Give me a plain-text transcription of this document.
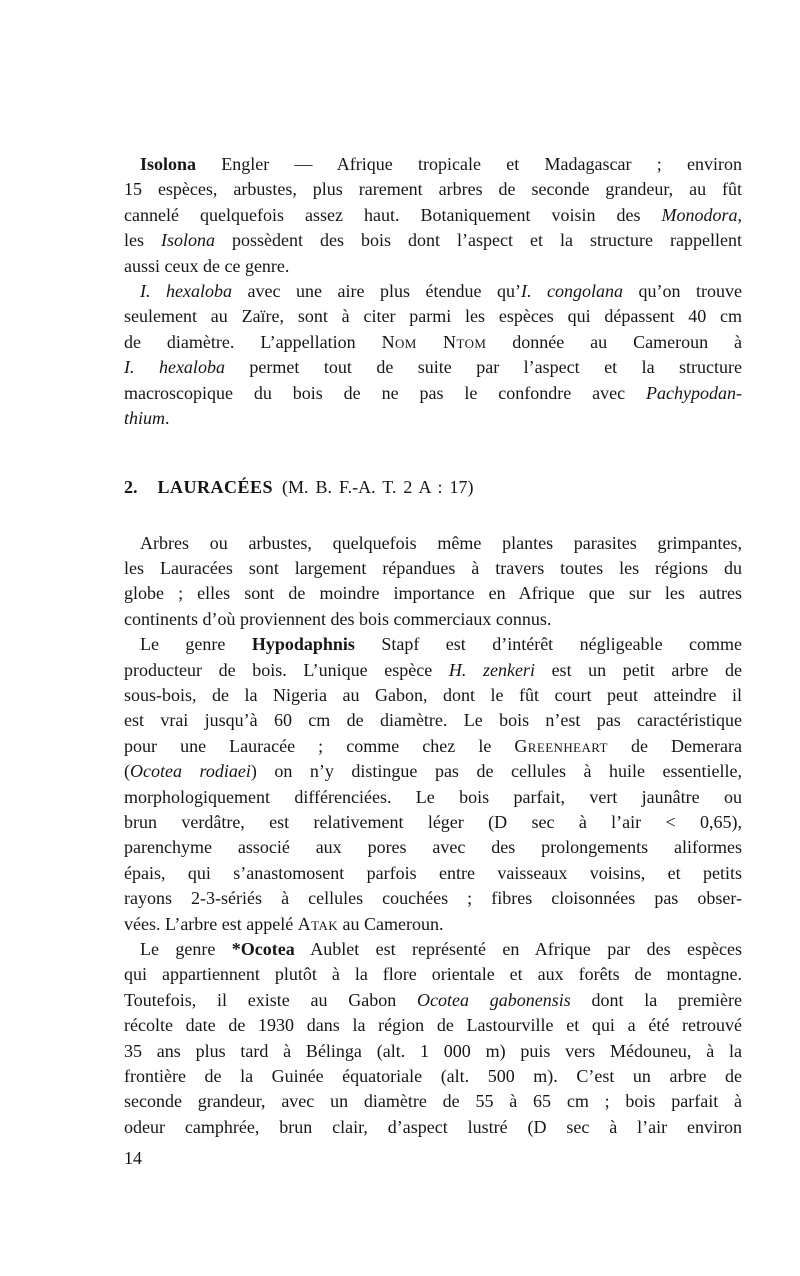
Isolona Engler — Afrique tropicale et Madagascar ; environ
15 espèces, arbustes, plus rarement arbres de seconde grandeur, au fût
cannelé quelquefois assez haut. Botaniquement voisin des Monodora,
les Isolona possèdent des bois dont l’aspect et la structure rappellent
aussi ceux de ce genre.
I. hexaloba avec une aire plus étendue qu’I. congolana qu’on trouve
seulement au Zaïre, sont à citer parmi les espèces qui dépassent 40 cm
de diamètre. L’appellation Nom Ntom donnée au Cameroun à
I. hexaloba permet tout de suite par l’aspect et la structure
macroscopique du bois de ne pas le confondre avec Pachypodan-
thium.
2. LAURACÉES (M. B. F.-A. T. 2 A : 17)
Arbres ou arbustes, quelquefois même plantes parasites grimpantes,
les Lauracées sont largement répandues à travers toutes les régions du
globe ; elles sont de moindre importance en Afrique que sur les autres
continents d’où proviennent des bois commerciaux connus.
Le genre Hypodaphnis Stapf est d’intérêt négligeable comme
producteur de bois. L’unique espèce H. zenkeri est un petit arbre de
sous-bois, de la Nigeria au Gabon, dont le fût court peut atteindre il
est vrai jusqu’à 60 cm de diamètre. Le bois n’est pas caractéristique
pour une Lauracée ; comme chez le Greenheart de Demerara
(Ocotea rodiaei) on n’y distingue pas de cellules à huile essentielle,
morphologiquement différenciées. Le bois parfait, vert jaunâtre ou
brun verdâtre, est relativement léger (D sec à l’air < 0,65),
parenchyme associé aux pores avec des prolongements aliformes
épais, qui s’anastomosent parfois entre vaisseaux voisins, et petits
rayons 2-3-sériés à cellules couchées ; fibres cloisonnées pas obser-
vées. L’arbre est appelé Atak au Cameroun.
Le genre *Ocotea Aublet est représenté en Afrique par des espèces
qui appartiennent plutôt à la flore orientale et aux forêts de montagne.
Toutefois, il existe au Gabon Ocotea gabonensis dont la première
récolte date de 1930 dans la région de Lastourville et qui a été retrouvé
35 ans plus tard à Bélinga (alt. 1 000 m) puis vers Médouneu, à la
frontière de la Guinée équatoriale (alt. 500 m). C’est un arbre de
seconde grandeur, avec un diamètre de 55 à 65 cm ; bois parfait à
odeur camphrée, brun clair, d’aspect lustré (D sec à l’air environ
14
